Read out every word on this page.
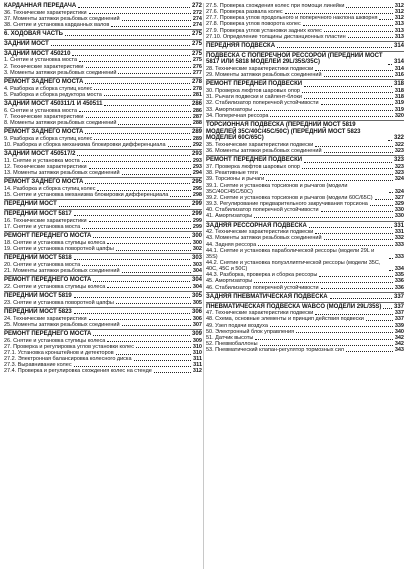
КАРДАННАЯ ПЕРЕДАЧА	272
36. Технические характеристики	272
37. Моменты затяжки резьбовых соединений	274
38. Снятие и установка карданных валов	274
6. ХОДОВАЯ ЧАСТЬ	275
ЗАДНИЙ МОСТ	275
ЗАДНИЙ МОСТ 450210	275
1. Снятие и установка моста	275
2. Технические характеристики	276
3. Моменты затяжки резьбовых соединений	277
РЕМОНТ ЗАДНЕГО МОСТА	278
4. Разборка и сборка ступиц колес	278
5. Разборка и сборка редуктора моста	281
ЗАДНИЙ МОСТ 450311/1 И 450511	286
6. Снятие и установка моста	286
7. Технические характеристики	287
8. Моменты затяжки резьбовых соединений	288
РЕМОНТ ЗАДНЕГО МОСТА	289
9. Разборка и сборка ступиц колес	289
10. Разборка и сборка механизма блокировки дифференциала	292
ЗАДНИЙ МОСТ 450517/2	293
11. Снятие и установка моста	293
12. Технические характеристики	293
13. Моменты затяжки резьбовых соединений	294
РЕМОНТ ЗАДНЕГО МОСТА	295
14. Разборка и сборка ступиц колес	295
15. Снятие и установка механизма блокировки дифференциала	298
ПЕРЕДНИЙ МОСТ	299
ПЕРЕДНИЙ МОСТ 5817	299
16. Технические характеристики	299
17. Снятие и установка моста	299
РЕМОНТ ПЕРЕДНЕГО МОСТА	300
18. Снятие и установка ступицы колеса	300
19. Снятие и установка поворотной цапфы	302
ПЕРЕДНИЙ МОСТ 5818	303
20. Снятие и установка моста	303
21. Моменты затяжки резьбовых соединений	304
РЕМОНТ ПЕРЕДНЕГО МОСТА	304
22. Снятие и установка ступицы колеса	304
ПЕРЕДНИЙ МОСТ 5819	305
23. Снятие и установка поворотной цапфы	305
ПЕРЕДНИЙ МОСТ 5823	306
24. Технические характеристики	306
25. Моменты затяжки резьбовых соединений	307
РЕМОНТ ПЕРЕДНЕГО МОСТА	309
26. Снятие и установка ступицы колеса	309
27. Проверка и регулировка углов установки колес	310
27.1. Установка кронштейнов и детекторов	310
27.2. Электронная балансировка колесного диска	311
27.3. Выравнивание колес	311
27.4. Проверка и регулировка схождения колес на стенде	312
27.5. Проверка схождения колес при помощи линейки	312
27.6. Проверка развала колес	312
27.7. Проверка углов продольного и поперечного наклона шкворня	312
27.8. Проверка углов поворота колес	313
27.9. Проверка углов установки задних колес	313
27.10. Определение толщины дистанционных пластин	313
ПЕРЕДНЯЯ ПОДВЕСКА	314
ПОДВЕСКА С ПОПЕРЕЧНОЙ РЕССОРОЙ (ПЕРЕДНИЙ МОСТ 5817 ИЛИ 5818 МОДЕЛЕЙ 29L/35S/35C)	314
28. Технические характеристики подвески	314
29. Моменты затяжки резьбовых соединений	316
РЕМОНТ ПЕРЕДНЕЙ ПОДВЕСКИ	318
30. Проверка люфтов шаровых опор	318
31. Рычаги подвески и сайлент-блоки	318
32. Стабилизатор поперечной устойчивости	319
33. Амортизаторы	319
34. Поперечная рессора	320
ТОРСИОННАЯ ПОДВЕСКА (ПЕРЕДНИЙ МОСТ 5819 МОДЕЛЕЙ 35C/40C/45C/50C) (ПЕРЕДНИЙ МОСТ 5823 МОДЕЛЕЙ 60C/65C)	322
35. Технические характеристики подвески	322
36. Моменты затяжки резьбовых соединений	323
РЕМОНТ ПЕРЕДНЕЙ ПОДВЕСКИ	323
37. Проверка люфтов шаровых опор	323
38. Реактивные тяги	323
39. Торсионы и рычаги	324
39.1. Снятие и установка торсионов и рычагов (модели 35C/40C/45C/50C)	324
39.2. Снятие и установка торсионов и рычагов (модели 60C/65C)	327
39.3. Регулирование предварительного закручивания торсиона	329
40. Стабилизатор поперечной устойчивости	330
41. Амортизаторы	330
ЗАДНЯЯ РЕССОРНАЯ ПОДВЕСКА	331
42. Технические характеристики подвески	331
43. Моменты затяжки резьбовых соединений	332
44. Задняя рессора	333
44.1. Снятие и установка параболической рессоры (модели 29L и 35S)	333
44.2. Снятие и установка полуэллиптической рессоры (модели 35C, 40C, 45C и 50C)	334
44.3. Разборка, проверка и сборка рессоры	335
45. Амортизаторы	336
46. Стабилизатор поперечной устойчивости	336
ЗАДНЯЯ ПНЕВМАТИЧЕСКАЯ ПОДВЕСКА	337
ПНЕВМАТИЧЕСКАЯ ПОДВЕСКА WABCO (МОДЕЛИ 29L/35S) 337
47. Технические характеристики подвески	337
48. Схема, основные элементы и принцип действия подвески	337
49. Узел подачи воздуха	339
50. Электронный блок управления	340
51. Датчик высоты	342
52. Пневмобаллоны	342
53. Пневматический клапан-регулятор тормозных сил	343
